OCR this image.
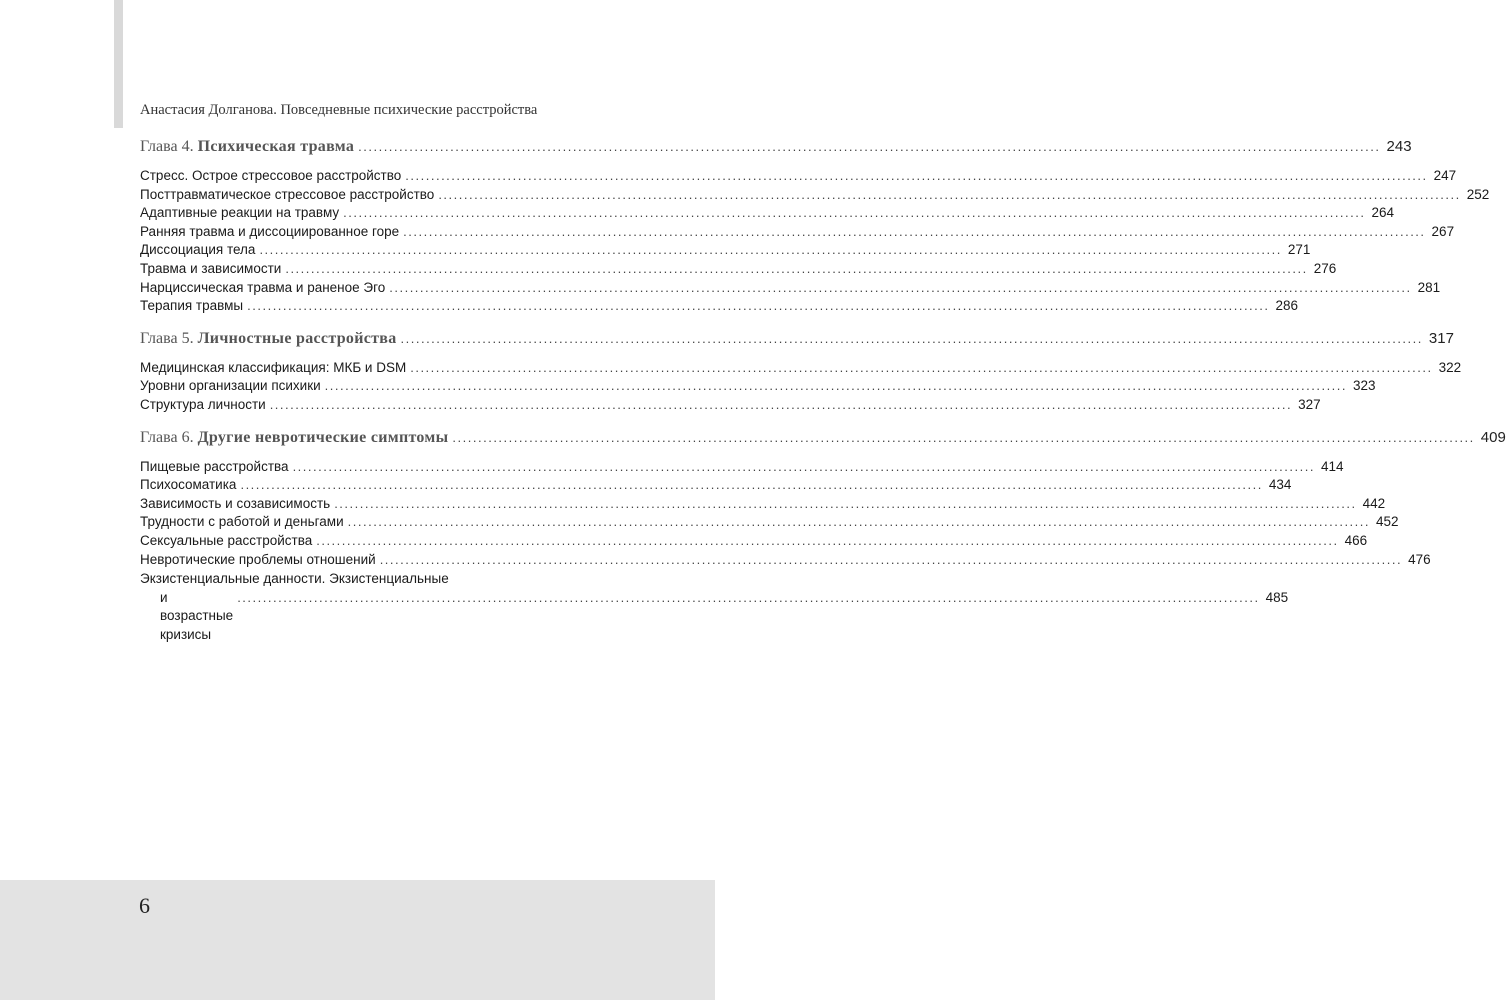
Анастасия Долганова. Повседневные психические расстройства
Глава 4. Психическая травма ........................................................................................................................................................................................................ 243
Стресс. Острое стрессовое расстройство ........................................................................................................................................................................................................ 247
Посттравматическое стрессовое расстройство ........................................................................................................................................................................................................ 252
Адаптивные реакции на травму ........................................................................................................................................................................................................ 264
Ранняя травма и диссоциированное горе ........................................................................................................................................................................................................ 267
Диссоциация тела ........................................................................................................................................................................................................ 271
Травма и зависимости ........................................................................................................................................................................................................ 276
Нарциссическая травма и раненое Эго ........................................................................................................................................................................................................ 281
Терапия травмы ........................................................................................................................................................................................................ 286
Глава 5. Личностные расстройства ........................................................................................................................................................................................................ 317
Медицинская классификация: МКБ и DSM ........................................................................................................................................................................................................ 322
Уровни организации психики ........................................................................................................................................................................................................ 323
Структура личности ........................................................................................................................................................................................................ 327
Глава 6. Другие невротические симптомы ........................................................................................................................................................................................................ 409
Пищевые расстройства ........................................................................................................................................................................................................ 414
Психосоматика ........................................................................................................................................................................................................ 434
Зависимость и созависимость ........................................................................................................................................................................................................ 442
Трудности с работой и деньгами ........................................................................................................................................................................................................ 452
Сексуальные расстройства ........................................................................................................................................................................................................ 466
Невротические проблемы отношений ........................................................................................................................................................................................................ 476
Экзистенциальные данности. Экзистенциальные
и возрастные кризисы
........................................................................................................................................................................................................ 485
6
